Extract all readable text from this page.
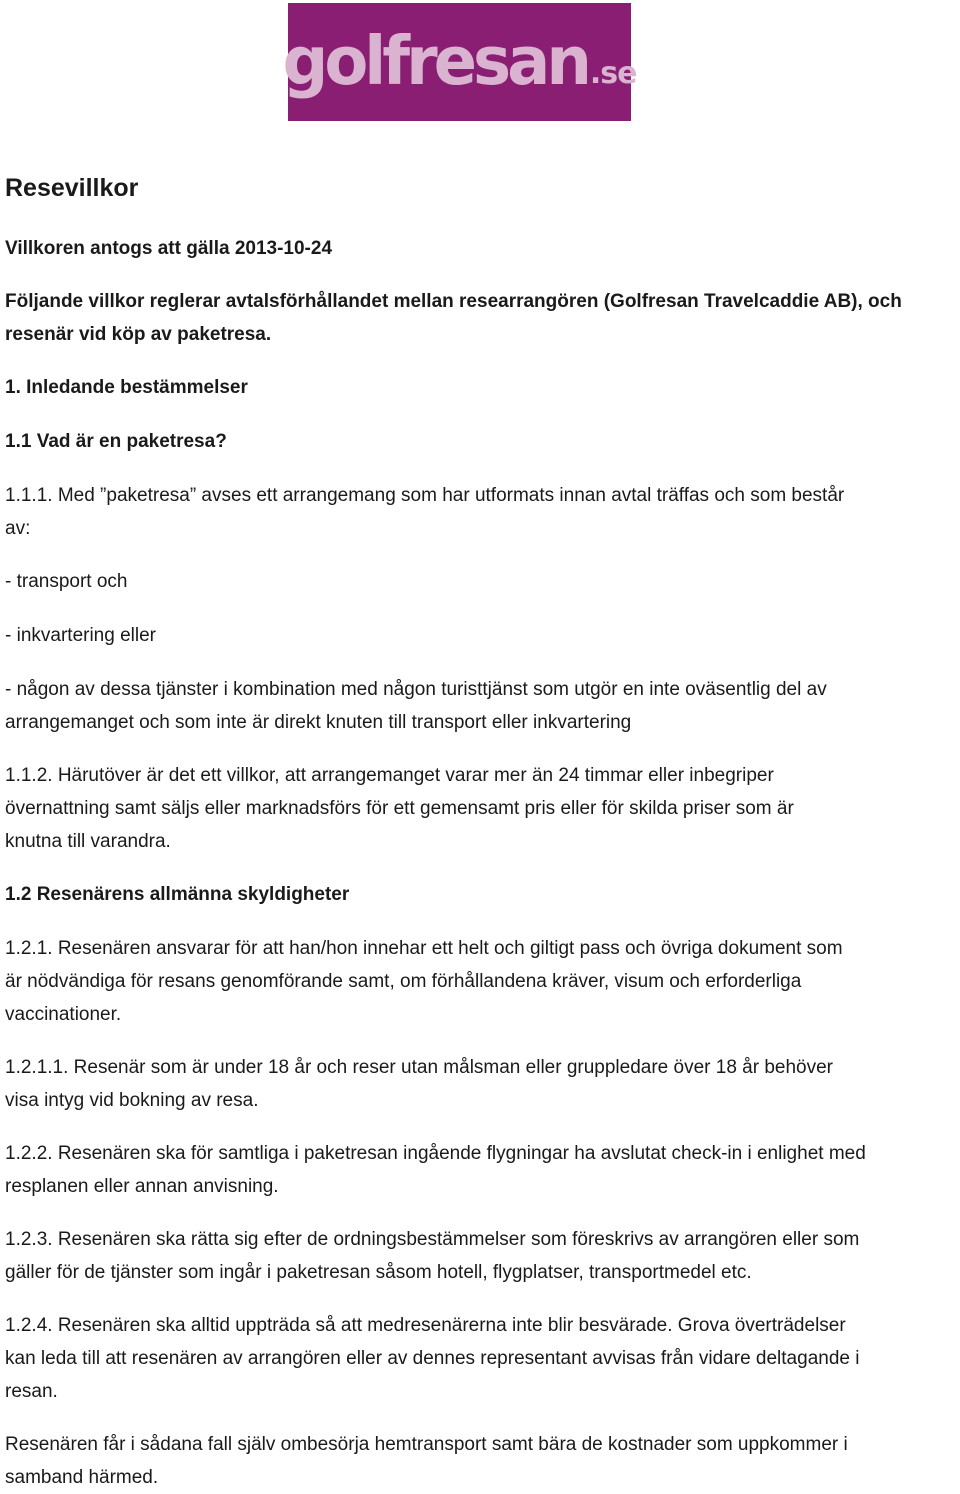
golfresan .se
Resevillkor
Villkoren antogs att gälla 2013-10-24
Följande villkor reglerar avtalsförhållandet mellan researrangören (Golfresan Travelcaddie AB), och
resenär vid köp av paketresa.
1. Inledande bestämmelser
1.1 Vad är en paketresa?
1.1.1. Med ”paketresa” avses ett arrangemang som har utformats innan avtal träffas och som består
av:
- transport och
- inkvartering eller
- någon av dessa tjänster i kombination med någon turisttjänst som utgör en inte oväsentlig del av
arrangemanget och som inte är direkt knuten till transport eller inkvartering
1.1.2. Härutöver är det ett villkor, att arrangemanget varar mer än 24 timmar eller inbegriper
övernattning samt säljs eller marknadsförs för ett gemensamt pris eller för skilda priser som är
knutna till varandra.
1.2 Resenärens allmänna skyldigheter
1.2.1. Resenären ansvarar för att han/hon innehar ett helt och giltigt pass och övriga dokument som
är nödvändiga för resans genomförande samt, om förhållandena kräver, visum och erforderliga
vaccinationer.
1.2.1.1. Resenär som är under 18 år och reser utan målsman eller gruppledare över 18 år behöver
visa intyg vid bokning av resa.
1.2.2. Resenären ska för samtliga i paketresan ingående flygningar ha avslutat check-in i enlighet med
resplanen eller annan anvisning.
1.2.3. Resenären ska rätta sig efter de ordningsbestämmelser som föreskrivs av arrangören eller som
gäller för de tjänster som ingår i paketresan såsom hotell, flygplatser, transportmedel etc.
1.2.4. Resenären ska alltid uppträda så att medresenärerna inte blir besvärade. Grova överträdelser
kan leda till att resenären av arrangören eller av dennes representant avvisas från vidare deltagande i
resan.
Resenären får i sådana fall själv ombesörja hemtransport samt bära de kostnader som uppkommer i
samband härmed.
